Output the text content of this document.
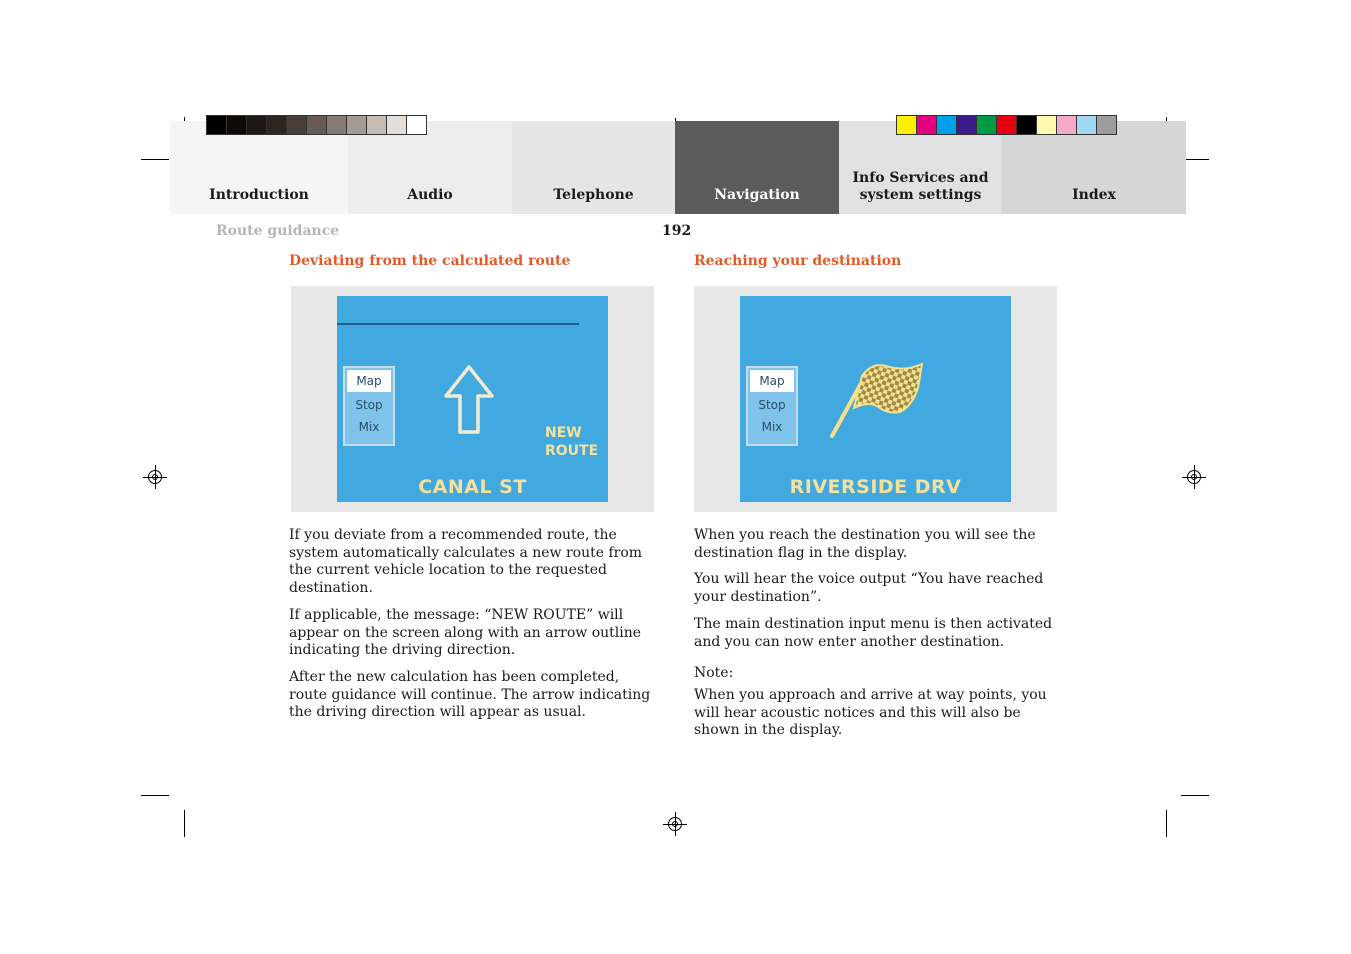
Introduction	Audio	Telephone	Navigation
Info Services and
system settings	Index
Route guidance	192
Deviating from the calculated route
Map
Stop
Mix	NEW
ROUTE
CANAL ST

If you deviate from a recommended route, the system automatically calculates a new route from the current vehicle location to the requested destination.

If applicable, the message: “NEW ROUTE” will appear on the screen along with an arrow outline indicating the driving direction.

After the new calculation has been completed, route guidance will continue. The arrow indicating the driving direction will appear as usual.

Reaching your destination
Map
Stop
Mix
RIVERSIDE DRV

When you reach the destination you will see the destination flag in the display.

You will hear the voice output “You have reached your destination”.

The main destination input menu is then activated and you can now enter another destination.

Note:

When you approach and arrive at way points, you will hear acoustic notices and this will also be shown in the display.
